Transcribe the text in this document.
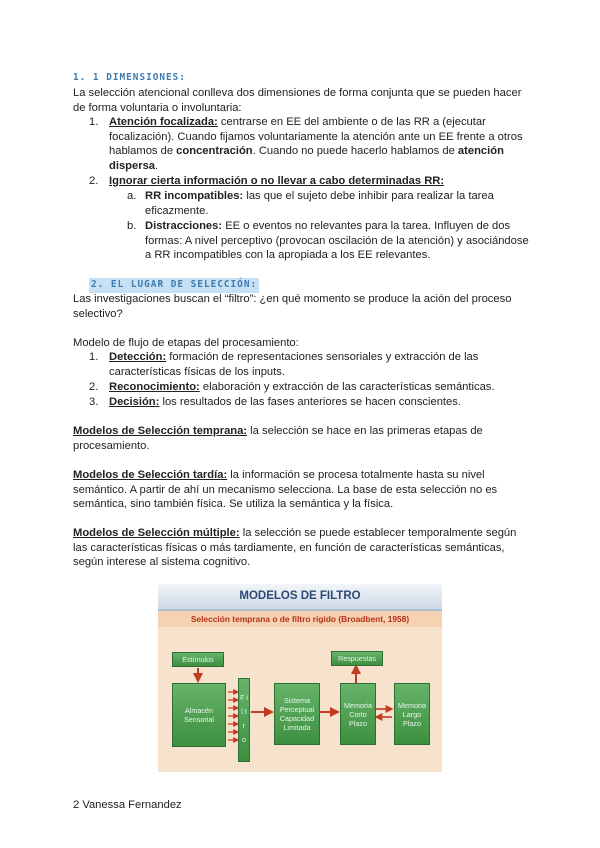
1. 1 DIMENSIONES:

La selección atencional conlleva dos dimensiones de forma conjunta que se pueden hacer de forma voluntaria o involuntaria:

1. Atención focalizada: centrarse en EE del ambiente o de las RR a (ejecutar focalización). Cuando fijamos voluntariamente la atención ante un EE frente a otros hablamos de concentración. Cuando no puede hacerlo hablamos de atención dispersa.

2. Ignorar cierta información o no llevar a cabo determinadas RR:

a. RR incompatibles: las que el sujeto debe inhibir para realizar la tarea eficazmente.

b. Distracciones: EE o eventos no relevantes para la tarea. Influyen de dos formas: A nivel perceptivo (provocan oscilación de la atención) y asociándose a RR incompatibles con la apropiada a los EE relevantes.

2. EL LUGAR DE SELECCIÓN:

Las investigaciones buscan el “filtro”: ¿en qué momento se produce la ación del proceso selectivo?

Modelo de flujo de etapas del procesamiento:

1. Detección: formación de representaciones sensoriales y extracción de las características físicas de los inputs.

2. Reconocimiento: elaboración y extracción de las características semánticas.

3. Decisión: los resultados de las fases anteriores se hacen conscientes.

Modelos de Selección temprana: la selección se hace en las primeras etapas de procesamiento.

Modelos de Selección tardía: la información se procesa totalmente hasta su nivel semántico. A partir de ahí un mecanismo selecciona. La base de esta selección no es semántica, sino también física. Se utiliza la semántica y la física.

Modelos de Selección múltiple: la selección se puede establecer temporalmente según las características físicas o más tardiamente, en función de características semánticas, según interese al sistema cognitivo.

MODELOS DE FILTRO
Selección temprana o de filtro rígido (Broadbent, 1958)
Estímulos	Respuestas
Almacén Sensorial
F i l t r o
Sistema Perceptual Capacidad Limitada
Memoria Corto Plazo
Memoria Largo Plazo
2 Vanessa Fernandez
